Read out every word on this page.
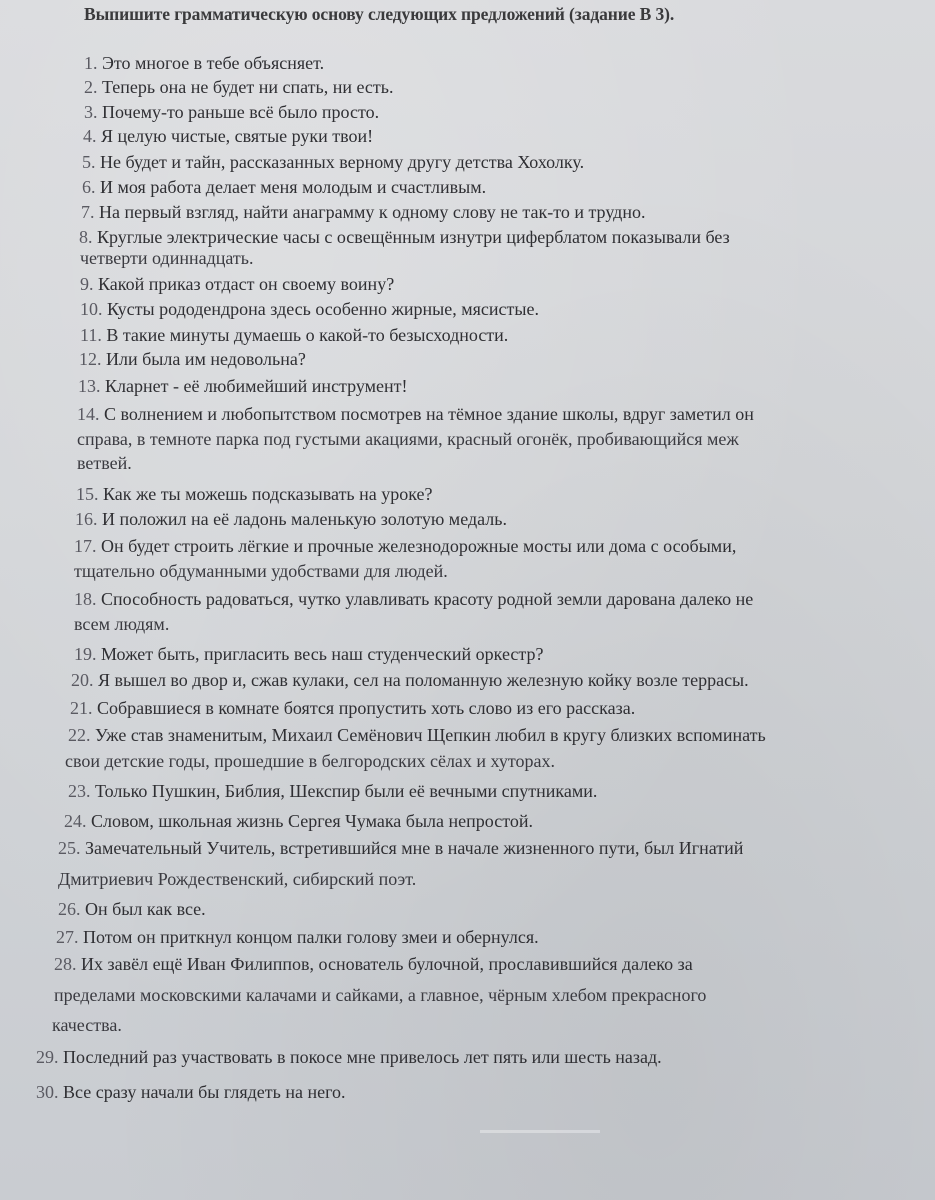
Выпишите грамматическую основу следующих предложений (задание В 3).
1. Это многое в тебе объясняет.
2. Теперь она не будет ни спать, ни есть.
3. Почему-то раньше всё было просто.
4. Я целую чистые, святые руки твои!
5. Не будет и тайн, рассказанных верному другу детства Хохолку.
6. И моя работа делает меня молодым и счастливым.
7. На первый взгляд, найти анаграмму к одному слову не так-то и трудно.
8. Круглые электрические часы с освещённым изнутри циферблатом показывали без
четверти одиннадцать.
9. Какой приказ отдаст он своему воину?
10. Кусты рододендрона здесь особенно жирные, мясистые.
11. В такие минуты думаешь о какой-то безысходности.
12. Или была им недовольна?
13. Кларнет - её любимейший инструмент!
14. С волнением и любопытством посмотрев на тёмное здание школы, вдруг заметил он
справа, в темноте парка под густыми акациями, красный огонёк, пробивающийся меж
ветвей.
15. Как же ты можешь подсказывать на уроке?
16. И положил на её ладонь маленькую золотую медаль.
17. Он будет строить лёгкие и прочные железнодорожные мосты или дома с особыми,
тщательно обдуманными удобствами для людей.
18. Способность радоваться, чутко улавливать красоту родной земли дарована далеко не
всем людям.
19. Может быть, пригласить весь наш студенческий оркестр?
20. Я вышел во двор и, сжав кулаки, сел на поломанную железную койку возле террасы.
21. Собравшиеся в комнате боятся пропустить хоть слово из его рассказа.
22. Уже став знаменитым, Михаил Семёнович Щепкин любил в кругу близких вспоминать
свои детские годы, прошедшие в белгородских сёлах и хуторах.
23. Только Пушкин, Библия, Шекспир были её вечными спутниками.
24. Словом, школьная жизнь Сергея Чумака была непростой.
25. Замечательный Учитель, встретившийся мне в начале жизненного пути, был Игнатий
Дмитриевич Рождественский, сибирский поэт.
26. Он был как все.
27. Потом он приткнул концом палки голову змеи и обернулся.
28. Их завёл ещё Иван Филиппов, основатель булочной, прославившийся далеко за
пределами московскими калачами и сайками, а главное, чёрным хлебом прекрасного
качества.
29. Последний раз участвовать в покосе мне привелось лет пять или шесть назад.
30. Все сразу начали бы глядеть на него.
